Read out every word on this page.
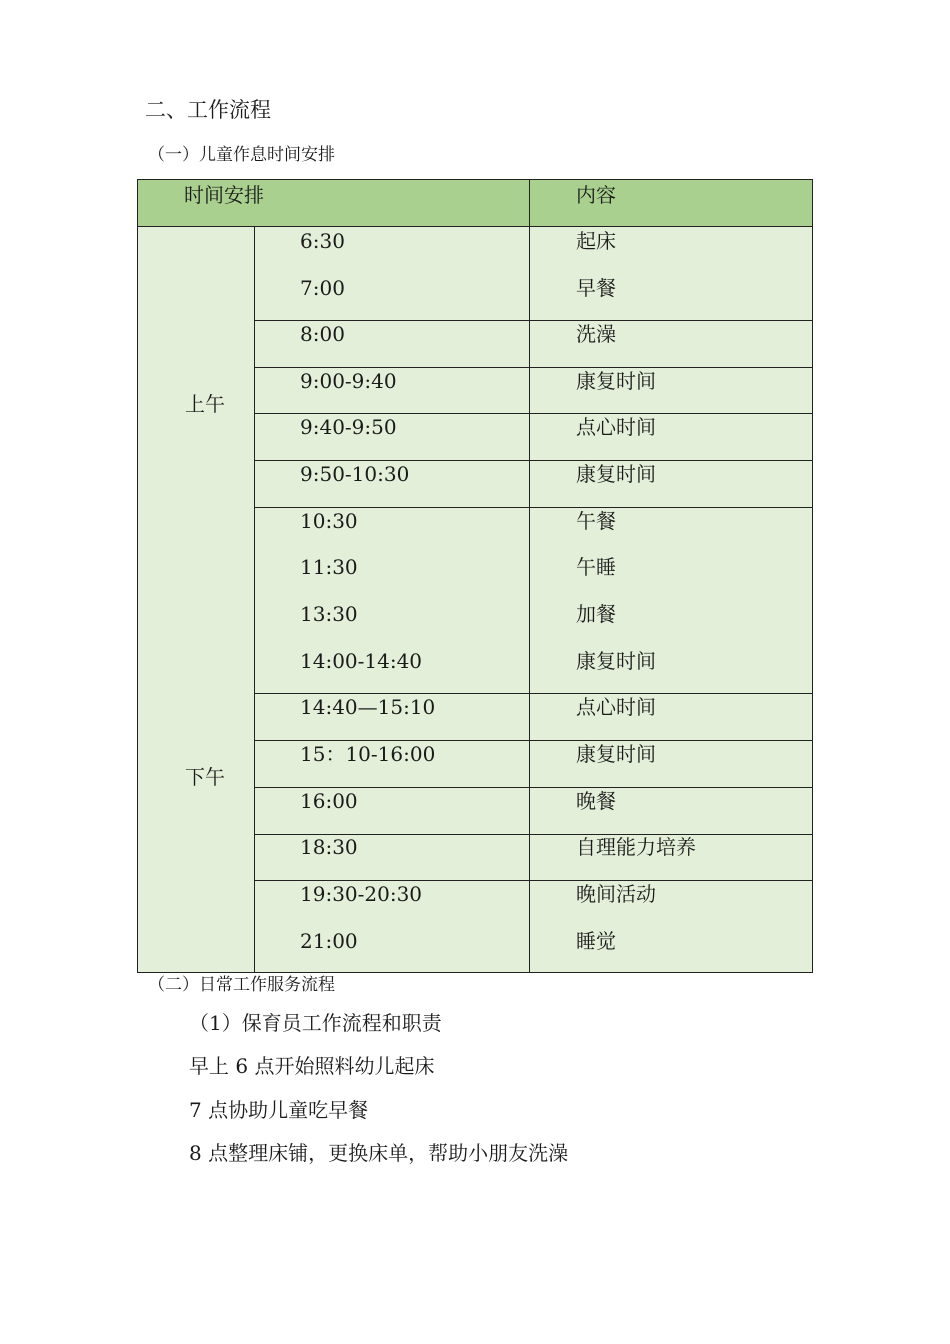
二、工作流程
（一）儿童作息时间安排
时间安排	内容
上午
下午
6:30
7:00
8:00
9:00-9:40
9:40-9:50
9:50-10:30
10:30
11:30
13:30
14:00-14:40
14:40—15:10
15：10-16:00
16:00
18:30
19:30-20:30
21:00
起床
早餐
洗澡
康复时间
点心时间
康复时间
午餐
午睡
加餐
康复时间
点心时间
康复时间
晚餐
自理能力培养
晚间活动
睡觉
（二）日常工作服务流程
（1）保育员工作流程和职责
早上 6 点开始照料幼儿起床
7 点协助儿童吃早餐
8 点整理床铺，更换床单，帮助小朋友洗澡
